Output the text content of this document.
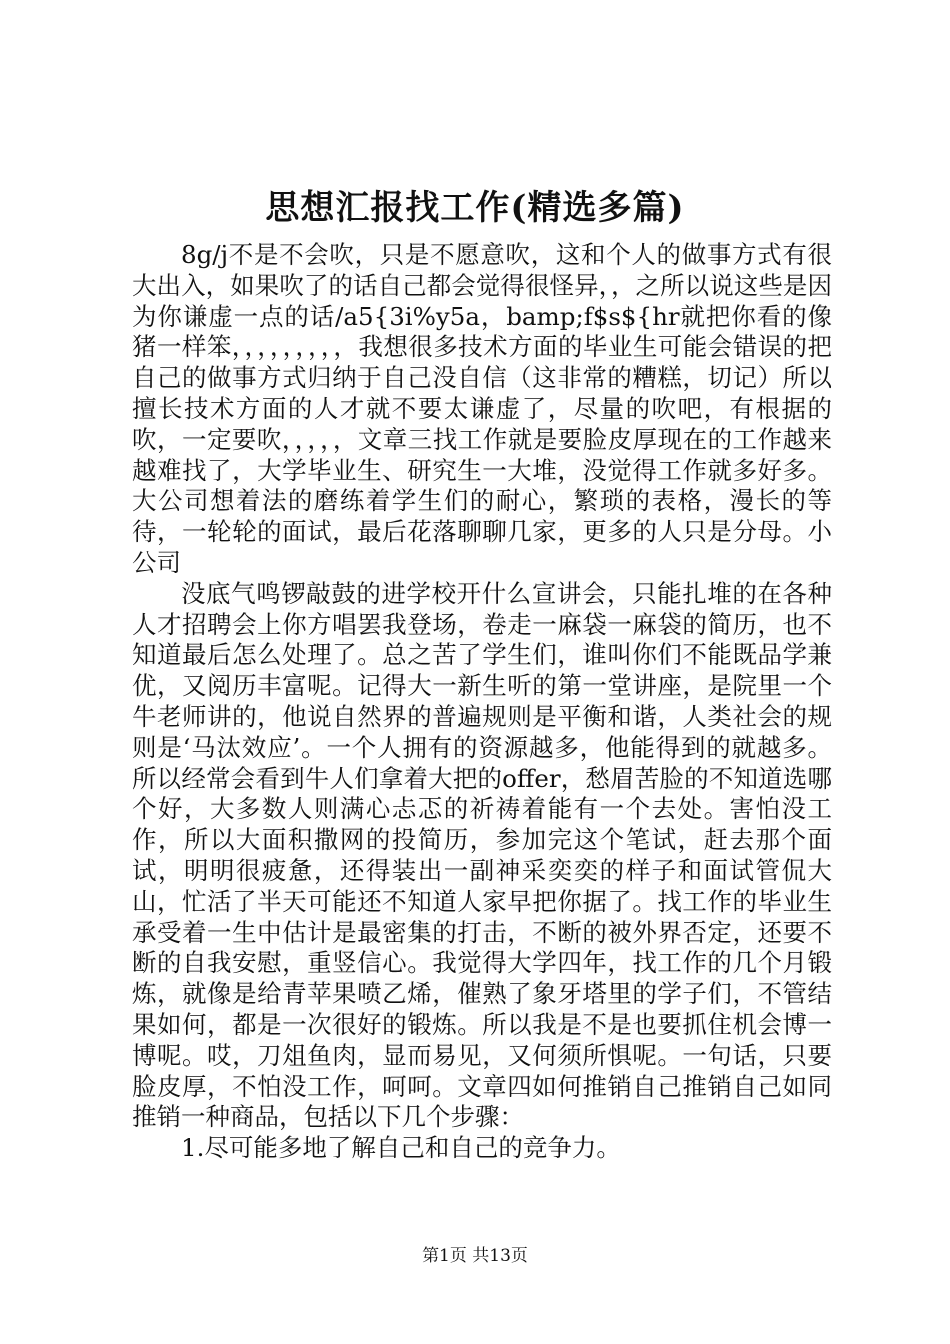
思想汇报找工作(精选多篇)

8g/j不是不会吹，只是不愿意吹，这和个人的做事方式有很大出入，如果吹了的话自己都会觉得很怪异，，之所以说这些是因为你谦虚一点的话/a5{3i%y5a，bamp;f$s${hr就把你看的像猪一样笨，，，，，，，，，我想很多技术方面的毕业生可能会错误的把自己的做事方式归纳于自己没自信（这非常的糟糕，切记）所以擅长技术方面的人才就不要太谦虚了，尽量的吹吧，有根据的吹，一定要吹，，，，，文章三找工作就是要脸皮厚现在的工作越来越难找了，大学毕业生、研究生一大堆，没觉得工作就多好多。大公司想着法的磨练着学生们的耐心，繁琐的表格，漫长的等待，一轮轮的面试，最后花落聊聊几家，更多的人只是分母。小公司

没底气鸣锣敲鼓的进学校开什么宣讲会，只能扎堆的在各种人才招聘会上你方唱罢我登场，卷走一麻袋一麻袋的简历，也不知道最后怎么处理了。总之苦了学生们，谁叫你们不能既品学兼优，又阅历丰富呢。记得大一新生听的第一堂讲座，是院里一个牛老师讲的，他说自然界的普遍规则是平衡和谐，人类社会的规则是‘马汰效应’。一个人拥有的资源越多，他能得到的就越多。所以经常会看到牛人们拿着大把的offer，愁眉苦脸的不知道选哪个好，大多数人则满心忐忑的祈祷着能有一个去处。害怕没工作，所以大面积撒网的投简历，参加完这个笔试，赶去那个面试，明明很疲惫，还得装出一副神采奕奕的样子和面试管侃大山，忙活了半天可能还不知道人家早把你据了。找工作的毕业生承受着一生中估计是最密集的打击，不断的被外界否定，还要不断的自我安慰，重竖信心。我觉得大学四年，找工作的几个月锻炼，就像是给青苹果喷乙烯，催熟了象牙塔里的学子们，不管结果如何，都是一次很好的锻炼。所以我是不是也要抓住机会博一博呢。哎，刀俎鱼肉，显而易见，又何须所惧呢。一句话，只要脸皮厚，不怕没工作，呵呵。文章四如何推销自己推销自己如同推销一种商品，包括以下几个步骤：

1.尽可能多地了解自己和自己的竞争力。

第1页 共13页
